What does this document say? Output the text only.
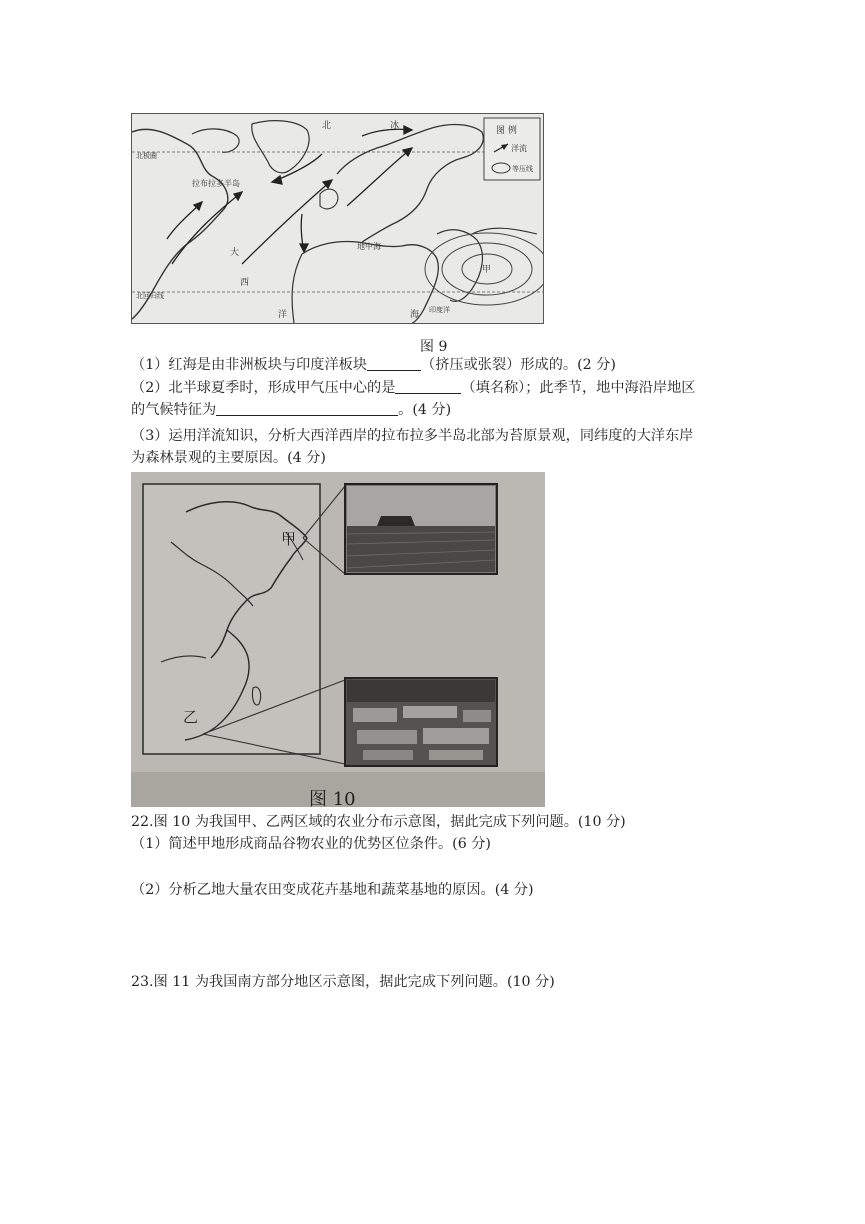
北	冰
大
西
洋	海
拉布拉多半岛
地中海
甲
北极圈
北回归线
印度洋
图 例
洋流
等压线
图 9
（1）红海是由非洲板块与印度洋板块	（挤压或张裂）形成的。(2 分)
（2）北半球夏季时，形成甲气压中心的是	（填名称）；此季节，地中海沿岸地区
的气候特征为	。(4 分)
（3）运用洋流知识，分析大西洋西岸的拉布拉多半岛北部为苔原景观，同纬度的大洋东岸
为森林景观的主要原因。(4 分)
甲
乙
图 10
22.图 10 为我国甲、乙两区域的农业分布示意图，据此完成下列问题。(10 分)
（1）简述甲地形成商品谷物农业的优势区位条件。(6 分)
（2）分析乙地大量农田变成花卉基地和蔬菜基地的原因。(4 分)
23.图 11 为我国南方部分地区示意图，据此完成下列问题。(10 分)
